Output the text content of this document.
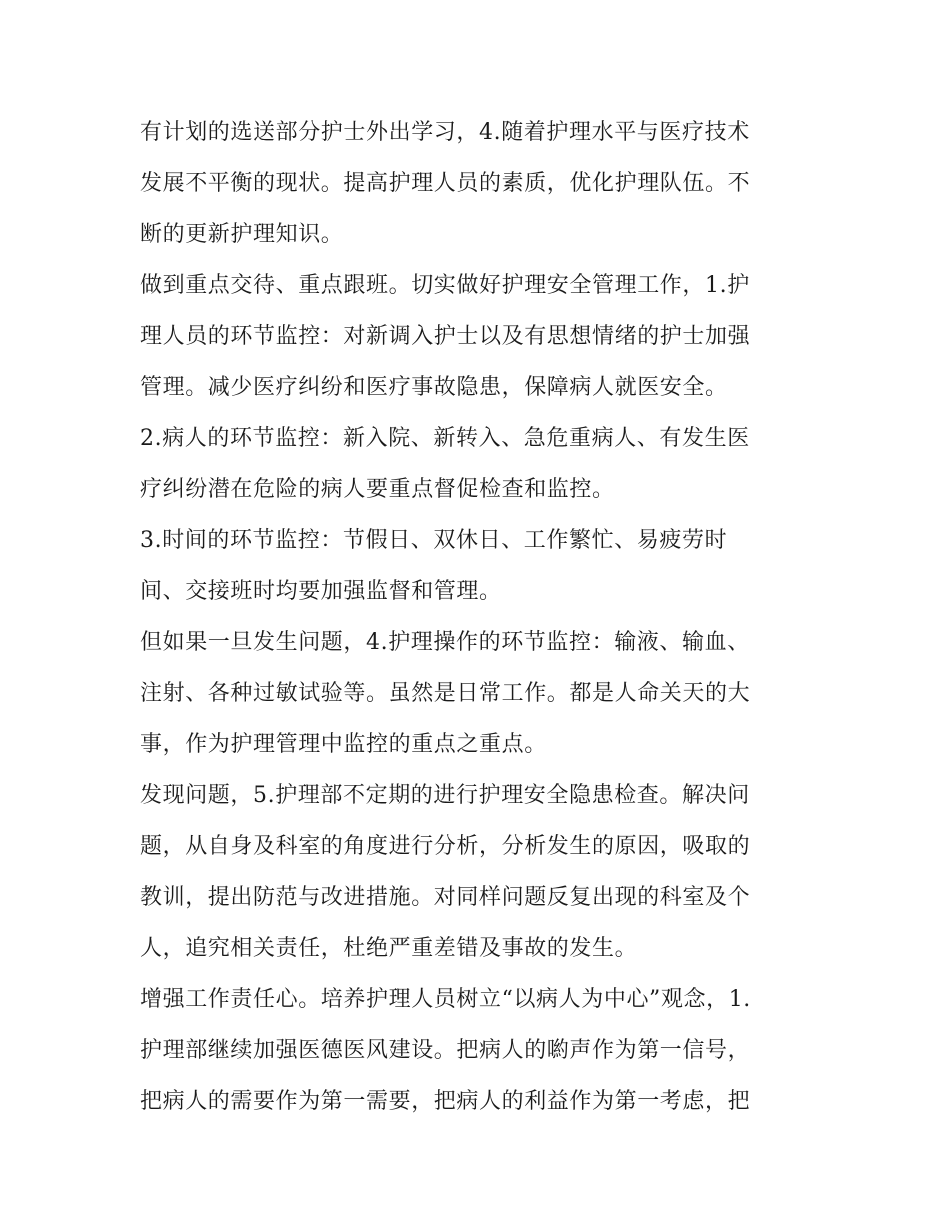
有计划的选送部分护士外出学习，4.随着护理水平与医疗技术
发展不平衡的现状。提高护理人员的素质，优化护理队伍。不
断的更新护理知识。
做到重点交待、重点跟班。切实做好护理安全管理工作，1.护
理人员的环节监控：对新调入护士以及有思想情绪的护士加强
管理。减少医疗纠纷和医疗事故隐患，保障病人就医安全。
2.病人的环节监控：新入院、新转入、急危重病人、有发生医
疗纠纷潜在危险的病人要重点督促检查和监控。
3.时间的环节监控：节假日、双休日、工作繁忙、易疲劳时
间、交接班时均要加强监督和管理。
但如果一旦发生问题，4.护理操作的环节监控：输液、输血、
注射、各种过敏试验等。虽然是日常工作。都是人命关天的大
事，作为护理管理中监控的重点之重点。
发现问题，5.护理部不定期的进行护理安全隐患检查。解决问
题，从自身及科室的角度进行分析，分析发生的原因，吸取的
教训，提出防范与改进措施。对同样问题反复出现的科室及个
人，追究相关责任，杜绝严重差错及事故的发生。
增强工作责任心。培养护理人员树立“以病人为中心”观念，1.
护理部继续加强医德医风建设。把病人的喲声作为第一信号，
把病人的需要作为第一需要，把病人的利益作为第一考虑，把
